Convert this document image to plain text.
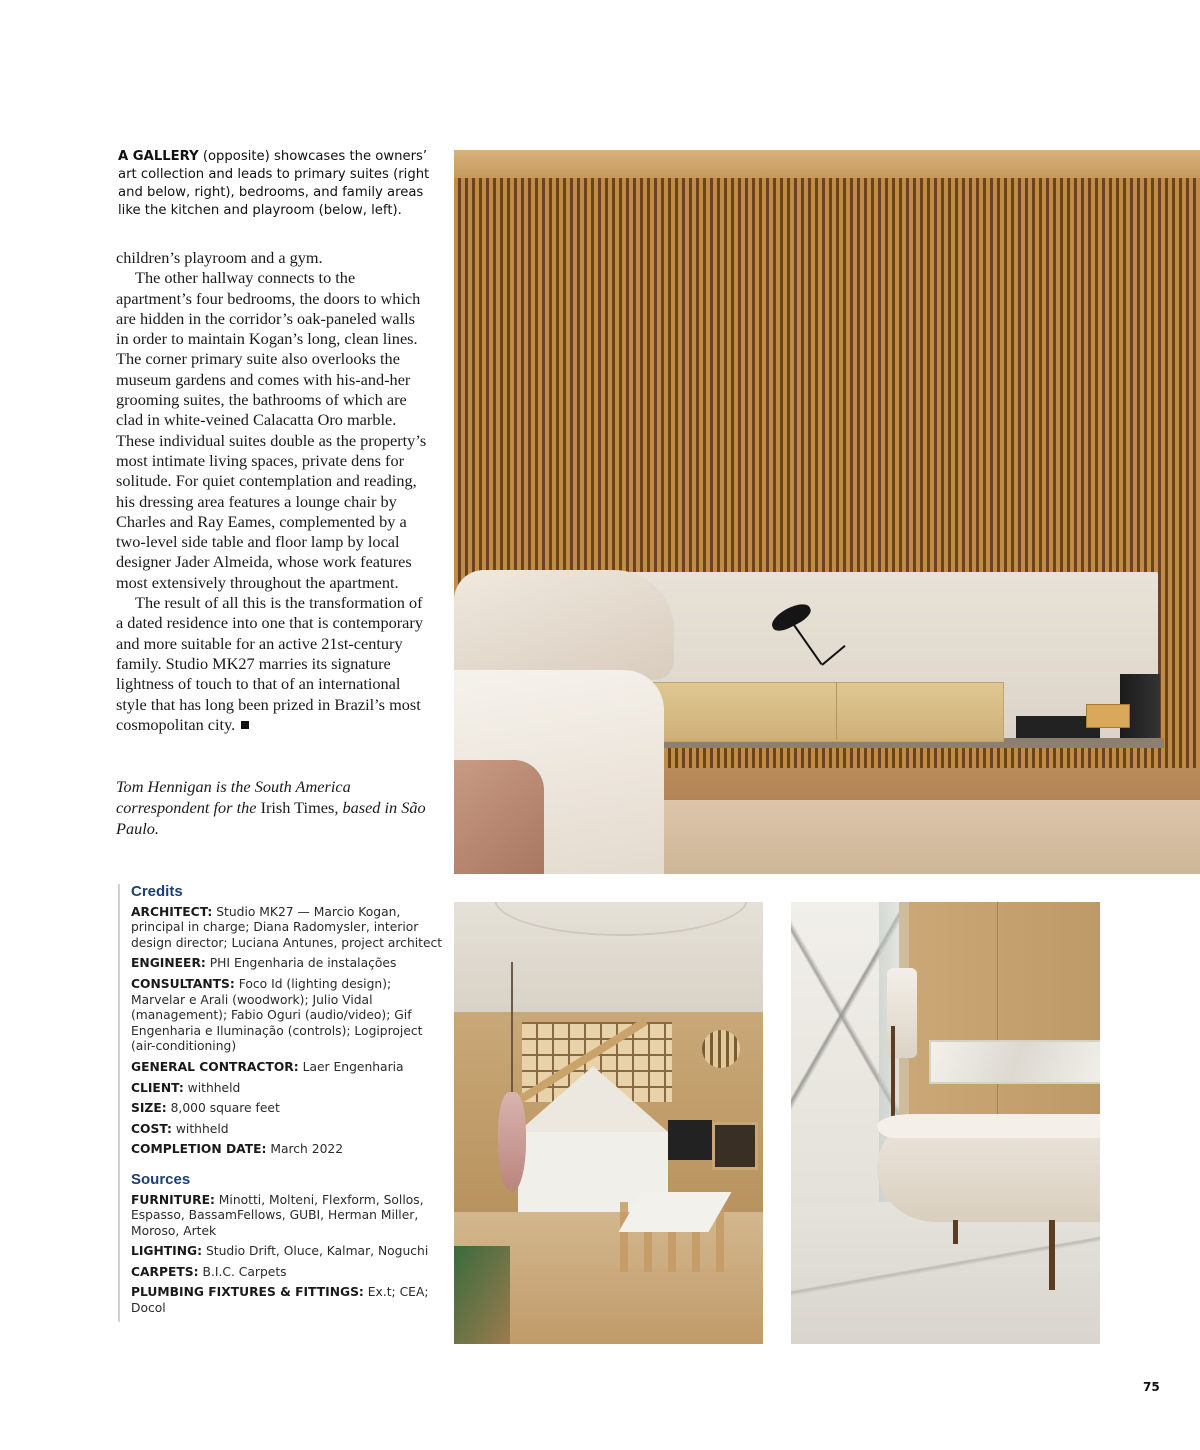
A GALLERY (opposite) showcases the owners’ art collection and leads to primary suites (right and below, right), bedrooms, and family areas like the kitchen and playroom (below, left).

children’s playroom and a gym.

The other hallway connects to the apartment’s four bedrooms, the doors to which are hidden in the corridor’s oak-paneled walls in order to maintain Kogan’s long, clean lines. The corner primary suite also overlooks the museum gardens and comes with his-and-her grooming suites, the bathrooms of which are clad in white-veined Calacatta Oro marble. These individual suites double as the property’s most intimate living spaces, private dens for solitude. For quiet contemplation and reading, his dressing area features a lounge chair by Charles and Ray Eames, complemented by a two-level side table and floor lamp by local designer Jader Almeida, whose work features most extensively throughout the apartment.

The result of all this is the transformation of a dated residence into one that is contemporary and more suitable for an active 21st-century family. Studio MK27 marries its signature lightness of touch to that of an international style that has long been prized in Brazil’s most cosmopolitan city.

Tom Hennigan is the South America correspondent for the Irish Times, based in São Paulo.
Credits
ARCHITECT: Studio MK27 — Marcio Kogan, principal in charge; Diana Radomysler, interior design director; Luciana Antunes, project architect
ENGINEER: PHI Engenharia de instalações
CONSULTANTS: Foco Id (lighting design); Marvelar e Arali (woodwork); Julio Vidal (management); Fabio Oguri (audio/video); Gif Engenharia e Iluminação (controls); Logiproject (air-conditioning)
GENERAL CONTRACTOR: Laer Engenharia
CLIENT: withheld
SIZE: 8,000 square feet
COST: withheld
COMPLETION DATE: March 2022
Sources
FURNITURE: Minotti, Molteni, Flexform, Sollos, Espasso, BassamFellows, GUBI, Herman Miller, Moroso, Artek
LIGHTING: Studio Drift, Oluce, Kalmar, Noguchi
CARPETS: B.I.C. Carpets
PLUMBING FIXTURES & FITTINGS: Ex.t; CEA; Docol
75
